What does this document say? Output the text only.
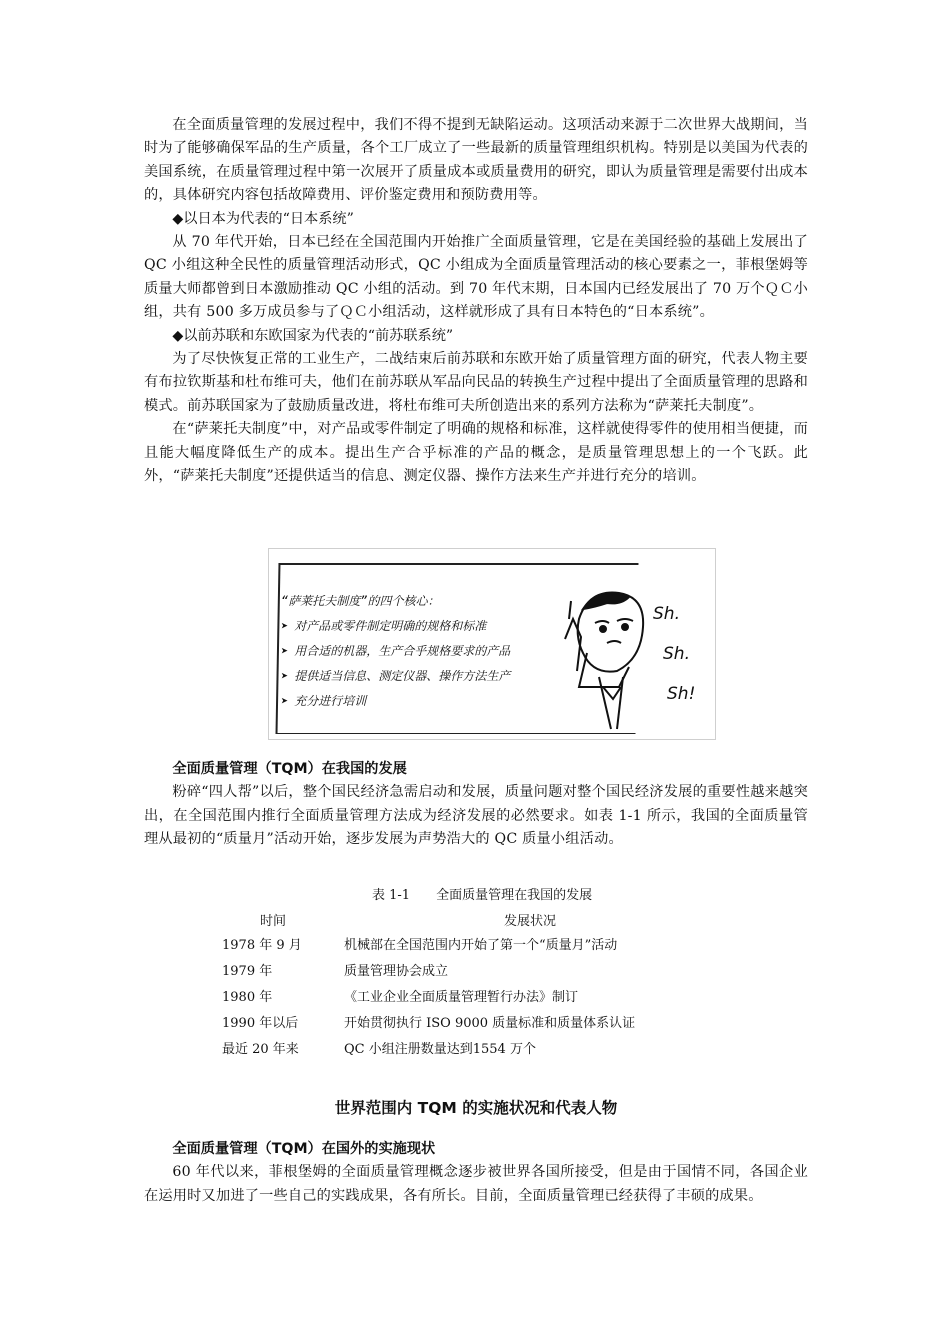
在全面质量管理的发展过程中，我们不得不提到无缺陷运动。这项活动来源于二次世界大战期间，当时为了能够确保军品的生产质量，各个工厂成立了一些最新的质量管理组织机构。特别是以美国为代表的美国系统，在质量管理过程中第一次展开了质量成本或质量费用的研究，即认为质量管理是需要付出成本的，具体研究内容包括故障费用、评价鉴定费用和预防费用等。

◆以日本为代表的“日本系统”

从 70 年代开始，日本已经在全国范围内开始推广全面质量管理，它是在美国经验的基础上发展出了 QC 小组这种全民性的质量管理活动形式，QC 小组成为全面质量管理活动的核心要素之一，菲根堡姆等质量大师都曾到日本激励推动 QC 小组的活动。到 70 年代末期，日本国内已经发展出了 70 万个ＱＣ小组，共有 500 多万成员参与了ＱＣ小组活动，这样就形成了具有日本特色的“日本系统”。

◆以前苏联和东欧国家为代表的“前苏联系统”

为了尽快恢复正常的工业生产，二战结束后前苏联和东欧开始了质量管理方面的研究，代表人物主要有布拉钦斯基和杜布维可夫，他们在前苏联从军品向民品的转换生产过程中提出了全面质量管理的思路和模式。前苏联国家为了鼓励质量改进，将杜布维可夫所创造出来的系列方法称为“萨莱托夫制度”。

在“萨莱托夫制度”中，对产品或零件制定了明确的规格和标准，这样就使得零件的使用相当便捷，而且能大幅度降低生产的成本。提出生产合乎标准的产品的概念，是质量管理思想上的一个飞跃。此外，“萨莱托夫制度”还提供适当的信息、测定仪器、操作方法来生产并进行充分的培训。

“萨莱托夫制度”的四个核心：
➤ 对产品或零件制定明确的规格和标准
➤ 用合适的机器，生产合乎规格要求的产品
➤ 提供适当信息、测定仪器、操作方法生产
➤ 充分进行培训
Sh.
Sh.
Sh!

全面质量管理（TQM）在我国的发展

粉碎“四人帮”以后，整个国民经济急需启动和发展，质量问题对整个国民经济发展的重要性越来越突出，在全国范围内推行全面质量管理方法成为经济发展的必然要求。如表 1-1 所示，我国的全面质量管理从最初的“质量月”活动开始，逐步发展为声势浩大的 QC 质量小组活动。

表 1-1　　全面质量管理在我国的发展
时间	发展状况
1978 年 9 月	机械部在全国范围内开始了第一个“质量月”活动
1979 年	质量管理协会成立
1980 年	《工业企业全面质量管理暂行办法》制订
1990 年以后	开始贯彻执行 ISO 9000 质量标准和质量体系认证
最近 20 年来	QC 小组注册数量达到1554 万个

世界范围内 TQM 的实施状况和代表人物

全面质量管理（TQM）在国外的实施现状

60 年代以来，菲根堡姆的全面质量管理概念逐步被世界各国所接受，但是由于国情不同，各国企业在运用时又加进了一些自己的实践成果，各有所长。目前，全面质量管理已经获得了丰硕的成果。
